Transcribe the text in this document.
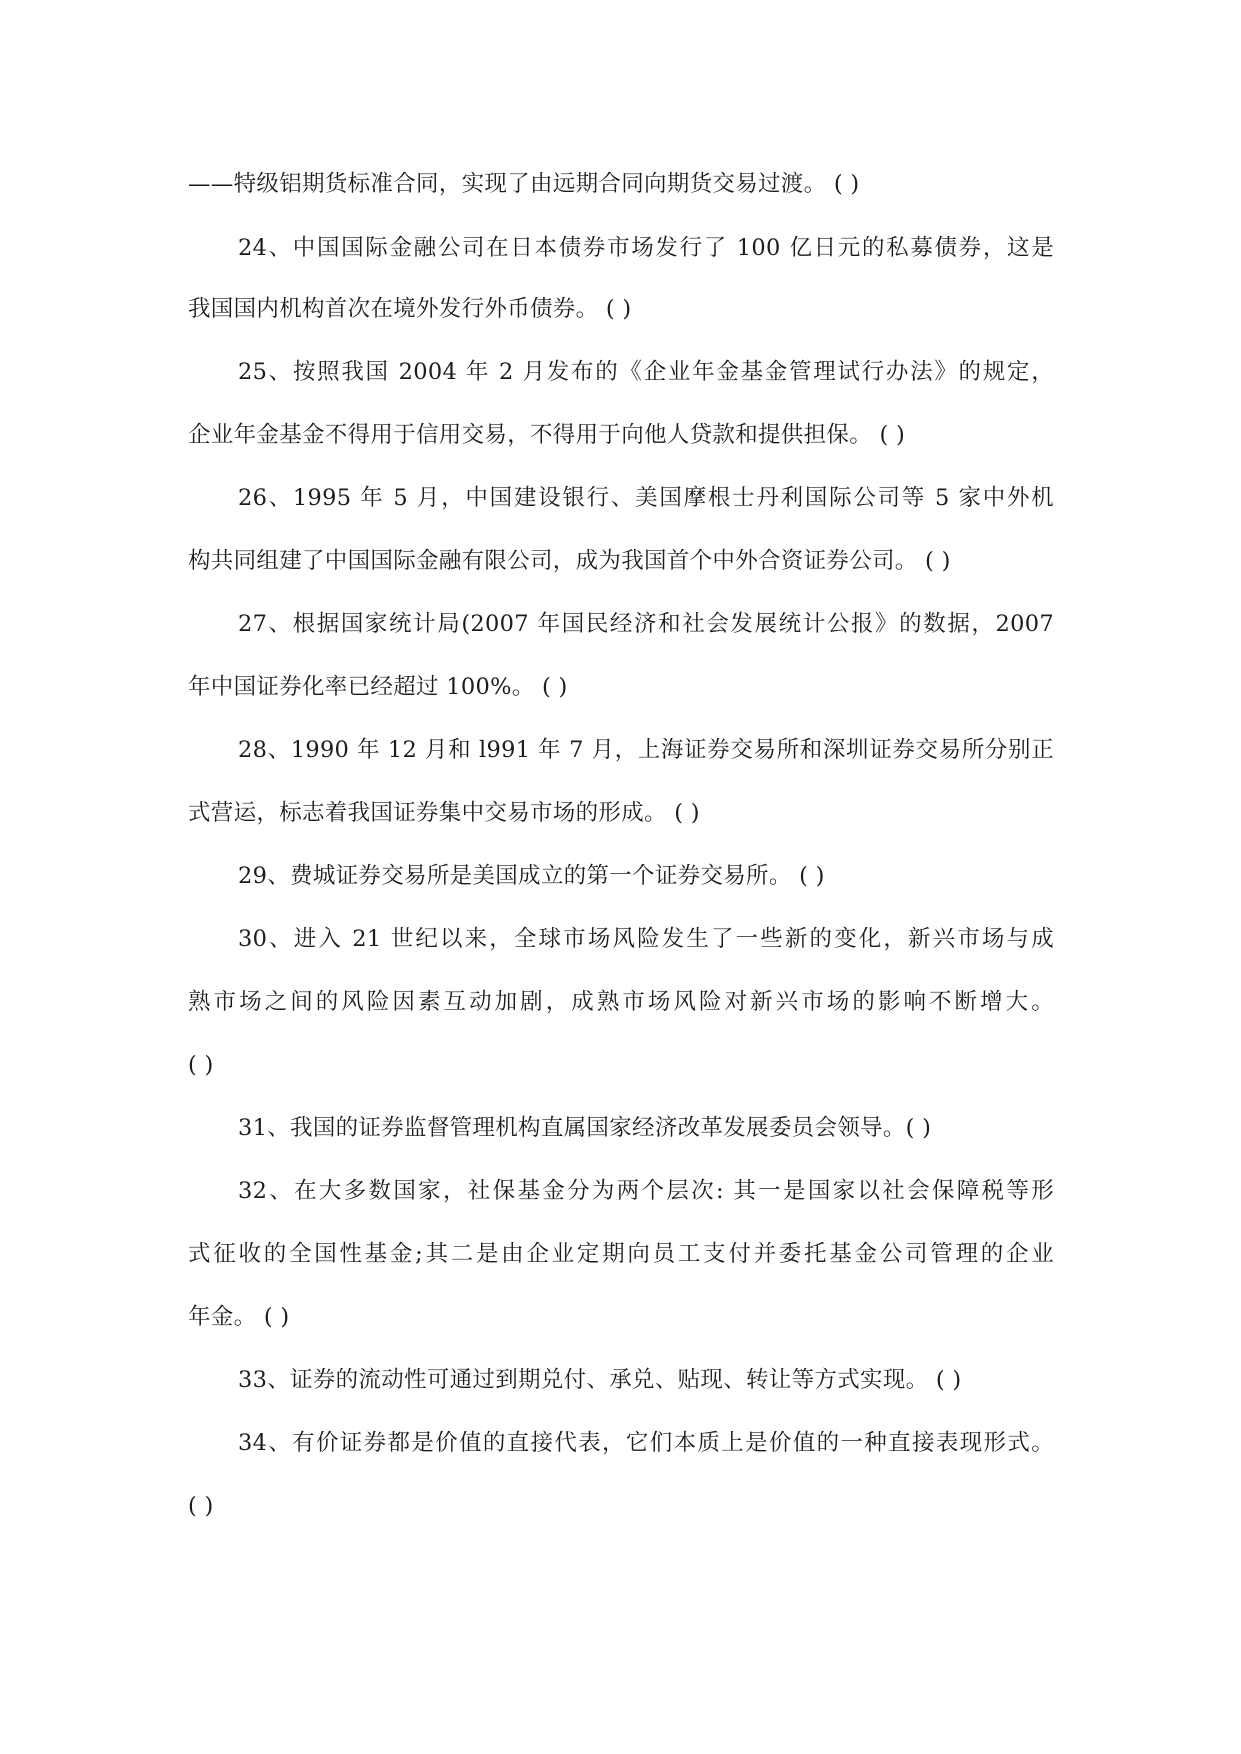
——特级铝期货标准合同，实现了由远期合同向期货交易过渡。 ( )

24、中国国际金融公司在日本债券市场发行了 100 亿日元的私募债券，这是

我国国内机构首次在境外发行外币债券。 ( )

25、按照我国 2004 年 2 月发布的《企业年金基金管理试行办法》的规定，

企业年金基金不得用于信用交易，不得用于向他人贷款和提供担保。 ( )

26、1995 年 5 月，中国建设银行、美国摩根士丹利国际公司等 5 家中外机

构共同组建了中国国际金融有限公司，成为我国首个中外合资证券公司。 ( )

27、根据国家统计局(2007 年国民经济和社会发展统计公报》的数据，2007

年中国证券化率已经超过 100%。 ( )

28、1990 年 12 月和 l991 年 7 月，上海证券交易所和深圳证券交易所分别正

式营运，标志着我国证券集中交易市场的形成。 ( )

29、费城证券交易所是美国成立的第一个证券交易所。 ( )

30、进入 21 世纪以来，全球市场风险发生了一些新的变化，新兴市场与成

熟市场之间的风险因素互动加剧，成熟市场风险对新兴市场的影响不断增大。

( )

31、我国的证券监督管理机构直属国家经济改革发展委员会领导。( )

32、在大多数国家，社保基金分为两个层次: 其一是国家以社会保障税等形

式征收的全国性基金;其二是由企业定期向员工支付并委托基金公司管理的企业

年金。 ( )

33、证券的流动性可通过到期兑付、承兑、贴现、转让等方式实现。 ( )

34、有价证券都是价值的直接代表，它们本质上是价值的一种直接表现形式。

( )
